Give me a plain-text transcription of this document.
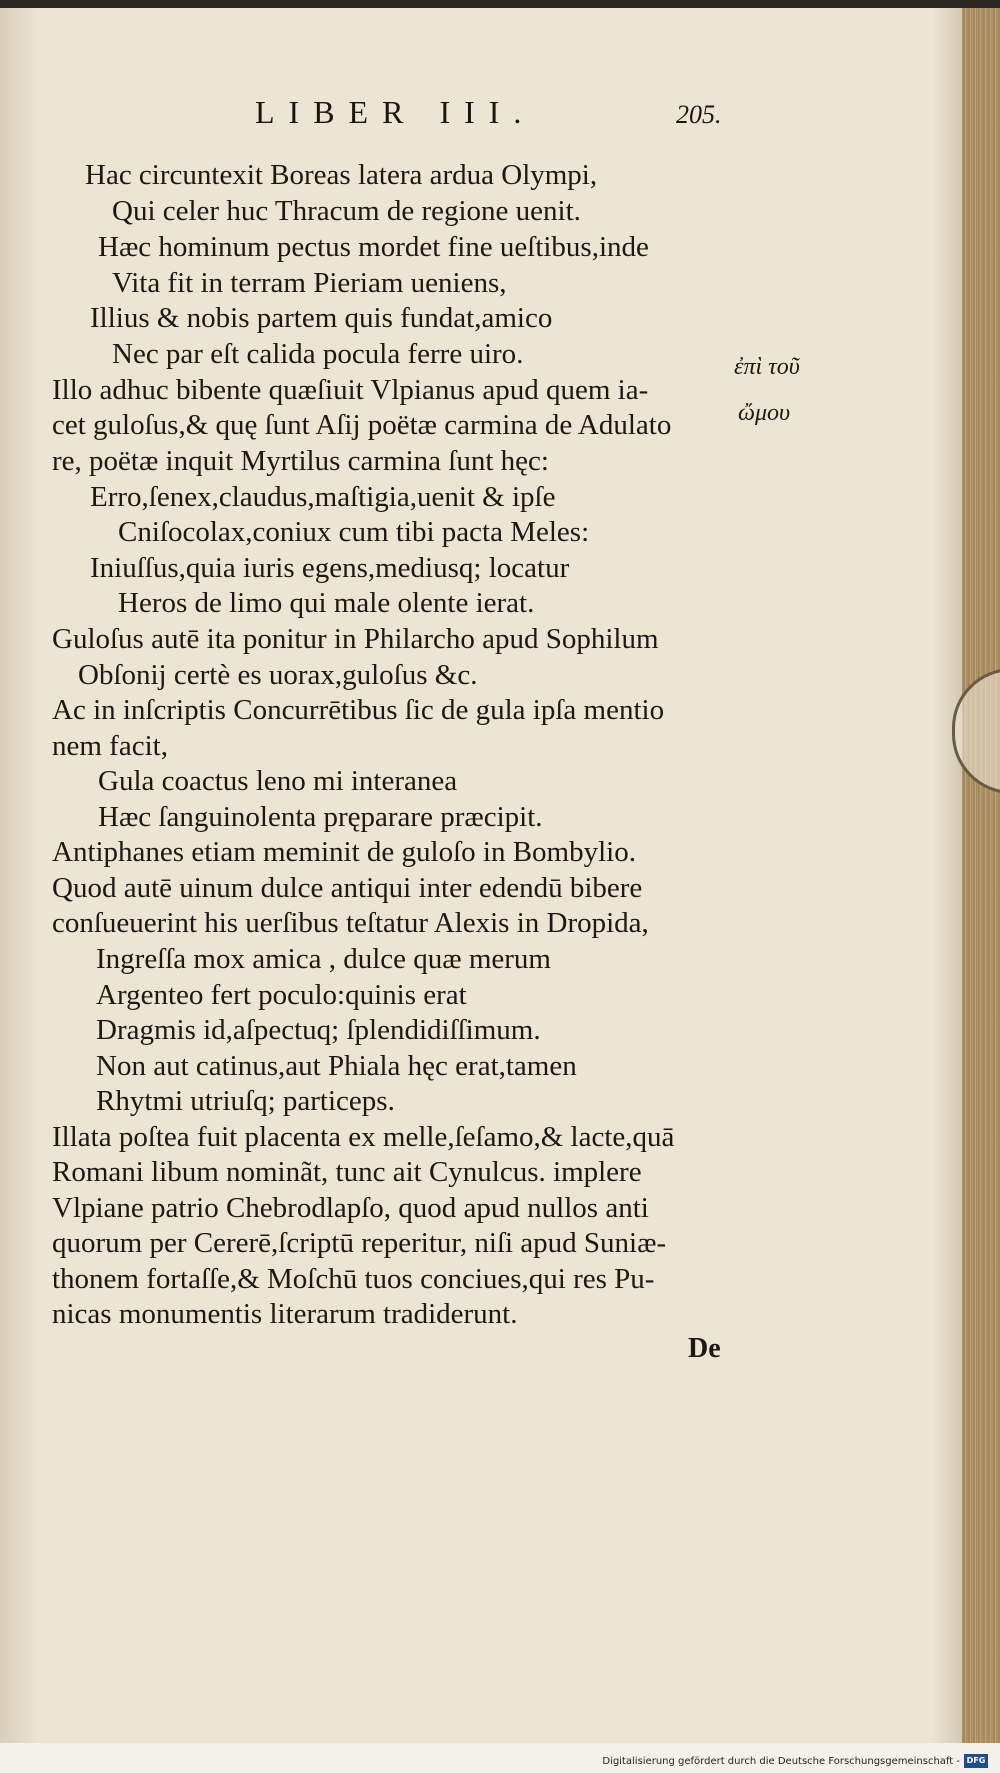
LIBER III.	205.
Hac circuntexit Boreas latera ardua Olympi,
Qui celer huc Thracum de regione uenit.
Hæc hominum pectus mordet fine ueſtibus,inde
Vita fit in terram Pieriam ueniens,
Illius & nobis partem quis fundat,amico
Nec par eſt calida pocula ferre uiro.
Illo adhuc bibente quæſiuit Vlpianus apud quem ia-
cet guloſus,& quę ſunt Aſij poëtæ carmina de Adulato
re, poëtæ inquit Myrtilus carmina ſunt hęc:
Erro,ſenex,claudus,maſtigia,uenit & ipſe
Cniſocolax,coniux cum tibi pacta Meles:
Iniuſſus,quia iuris egens,mediusq; locatur
Heros de limo qui male olente ierat.
Guloſus autē ita ponitur in Philarcho apud Sophilum
Obſonij certè es uorax,guloſus &c.
Ac in inſcriptis Concurrētibus ſic de gula ipſa mentio
nem facit,
Gula coactus leno mi interanea
Hæc ſanguinolenta pręparare præcipit.
Antiphanes etiam meminit de guloſo in Bombylio.
Quod autē uinum dulce antiqui inter edendū bibere
conſueuerint his uerſibus teſtatur Alexis in Dropida,
Ingreſſa mox amica , dulce quæ merum
Argenteo fert poculo:quinis erat
Dragmis id,aſpectuq; ſplendidiſſimum.
Non aut catinus,aut Phiala hęc erat,tamen
Rhytmi utriuſq; particeps.
Illata poſtea fuit placenta ex melle,ſeſamo,& lacte,quā
Romani libum nominãt, tunc ait Cynulcus. implere
Vlpiane patrio Chebrodlapſo, quod apud nullos anti
quorum per Cererē,ſcriptū reperitur, niſi apud Suniæ-
thonem fortaſſe,& Moſchū tuos conciues,qui res Pu-
nicas monumentis literarum tradiderunt.
ἐπὶ τοῦ
ὤμου
De
Digitalisierung gefördert durch die Deutsche Forschungsgemeinschaft - DFG
